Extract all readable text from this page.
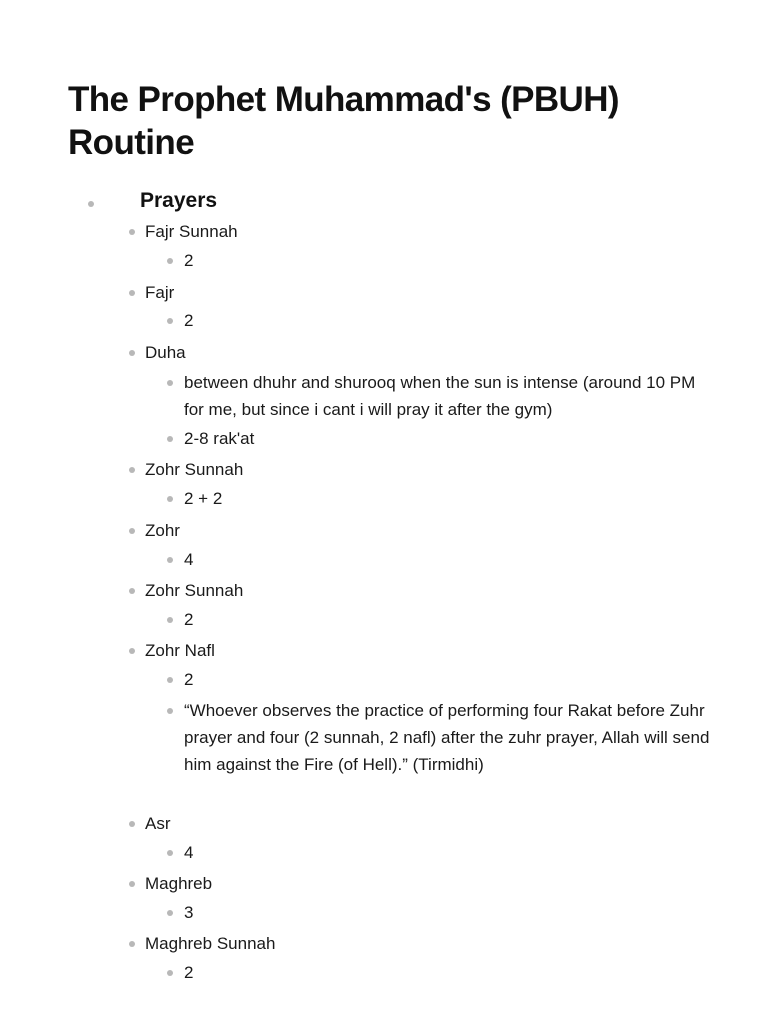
The Prophet Muhammad's (PBUH) Routine
Prayers
Fajr Sunnah
2
Fajr
2
Duha
between dhuhr and shurooq when the sun is intense (around 10 PM for me, but since i cant i will pray it after the gym)
2-8 rak'at
Zohr Sunnah
2 + 2
Zohr
4
Zohr Sunnah
2
Zohr Nafl
2
“Whoever observes the practice of performing four Rakat before Zuhr prayer and four (2 sunnah, 2 nafl) after the zuhr prayer, Allah will send him against the Fire (of Hell).” (Tirmidhi)
Asr
4
Maghreb
3
Maghreb Sunnah
2
